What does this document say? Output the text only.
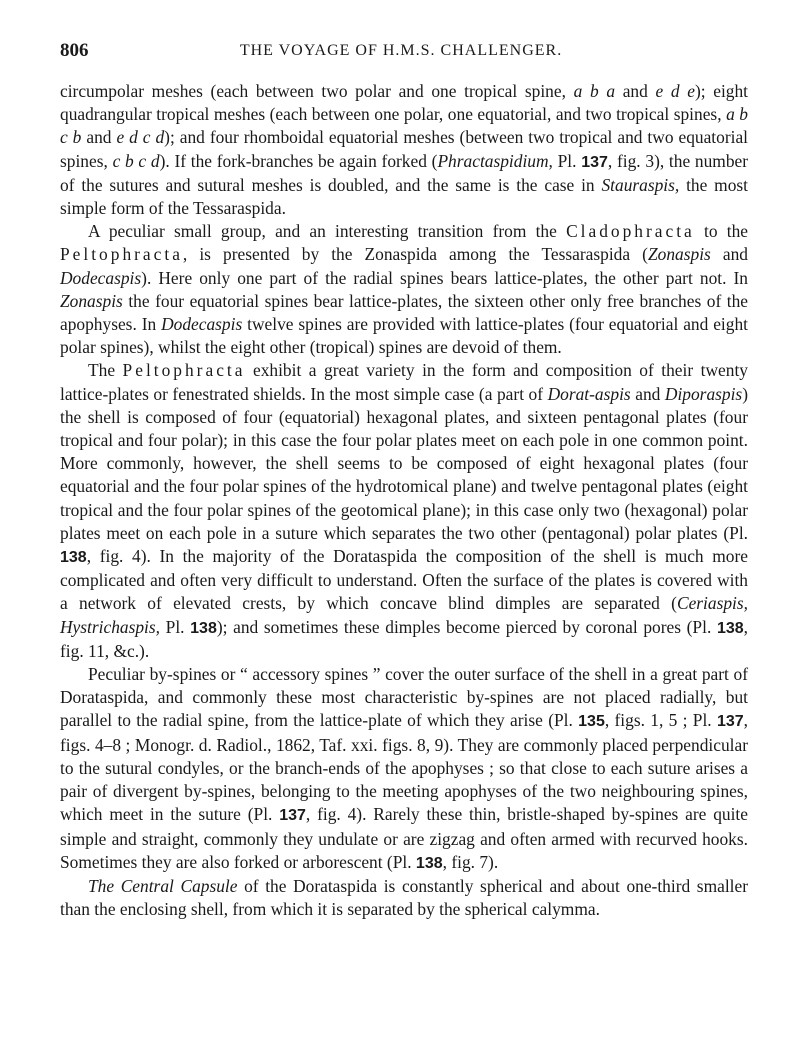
806	THE VOYAGE OF H.M.S. CHALLENGER.

circumpolar meshes (each between two polar and one tropical spine, a b a and e d e); eight quadrangular tropical meshes (each between one polar, one equatorial, and two tropical spines, a b c b and e d c d); and four rhomboidal equatorial meshes (between two tropical and two equatorial spines, c b c d). If the fork-branches be again forked (Phractaspidium, Pl. 137, fig. 3), the number of the sutures and sutural meshes is doubled, and the same is the case in Stauraspis, the most simple form of the Tessaraspida.

A peculiar small group, and an interesting transition from the Cladophracta to the Peltophracta, is presented by the Zonaspida among the Tessaraspida (Zonaspis and Dodecaspis). Here only one part of the radial spines bears lattice-plates, the other part not. In Zonaspis the four equatorial spines bear lattice-plates, the sixteen other only free branches of the apophyses. In Dodecaspis twelve spines are provided with lattice-plates (four equatorial and eight polar spines), whilst the eight other (tropical) spines are devoid of them.

The Peltophracta exhibit a great variety in the form and composition of their twenty lattice-plates or fenestrated shields. In the most simple case (a part of Dorat-aspis and Diporaspis) the shell is composed of four (equatorial) hexagonal plates, and sixteen pentagonal plates (four tropical and four polar); in this case the four polar plates meet on each pole in one common point. More commonly, however, the shell seems to be composed of eight hexagonal plates (four equatorial and the four polar spines of the hydrotomical plane) and twelve pentagonal plates (eight tropical and the four polar spines of the geotomical plane); in this case only two (hexagonal) polar plates meet on each pole in a suture which separates the two other (pentagonal) polar plates (Pl. 138, fig. 4). In the majority of the Dorataspida the composition of the shell is much more complicated and often very difficult to understand. Often the surface of the plates is covered with a network of elevated crests, by which concave blind dimples are separated (Ceriaspis, Hystrichaspis, Pl. 138); and sometimes these dimples become pierced by coronal pores (Pl. 138, fig. 11, &c.).

Peculiar by-spines or “ accessory spines ” cover the outer surface of the shell in a great part of Dorataspida, and commonly these most characteristic by-spines are not placed radially, but parallel to the radial spine, from the lattice-plate of which they arise (Pl. 135, figs. 1, 5 ; Pl. 137, figs. 4–8 ; Monogr. d. Radiol., 1862, Taf. xxi. figs. 8, 9). They are commonly placed perpendicular to the sutural condyles, or the branch-ends of the apophyses ; so that close to each suture arises a pair of divergent by-spines, belonging to the meeting apophyses of the two neighbouring spines, which meet in the suture (Pl. 137, fig. 4). Rarely these thin, bristle-shaped by-spines are quite simple and straight, commonly they undulate or are zigzag and often armed with recurved hooks. Sometimes they are also forked or arborescent (Pl. 138, fig. 7).

The Central Capsule of the Dorataspida is constantly spherical and about one-third smaller than the enclosing shell, from which it is separated by the spherical calymma.
